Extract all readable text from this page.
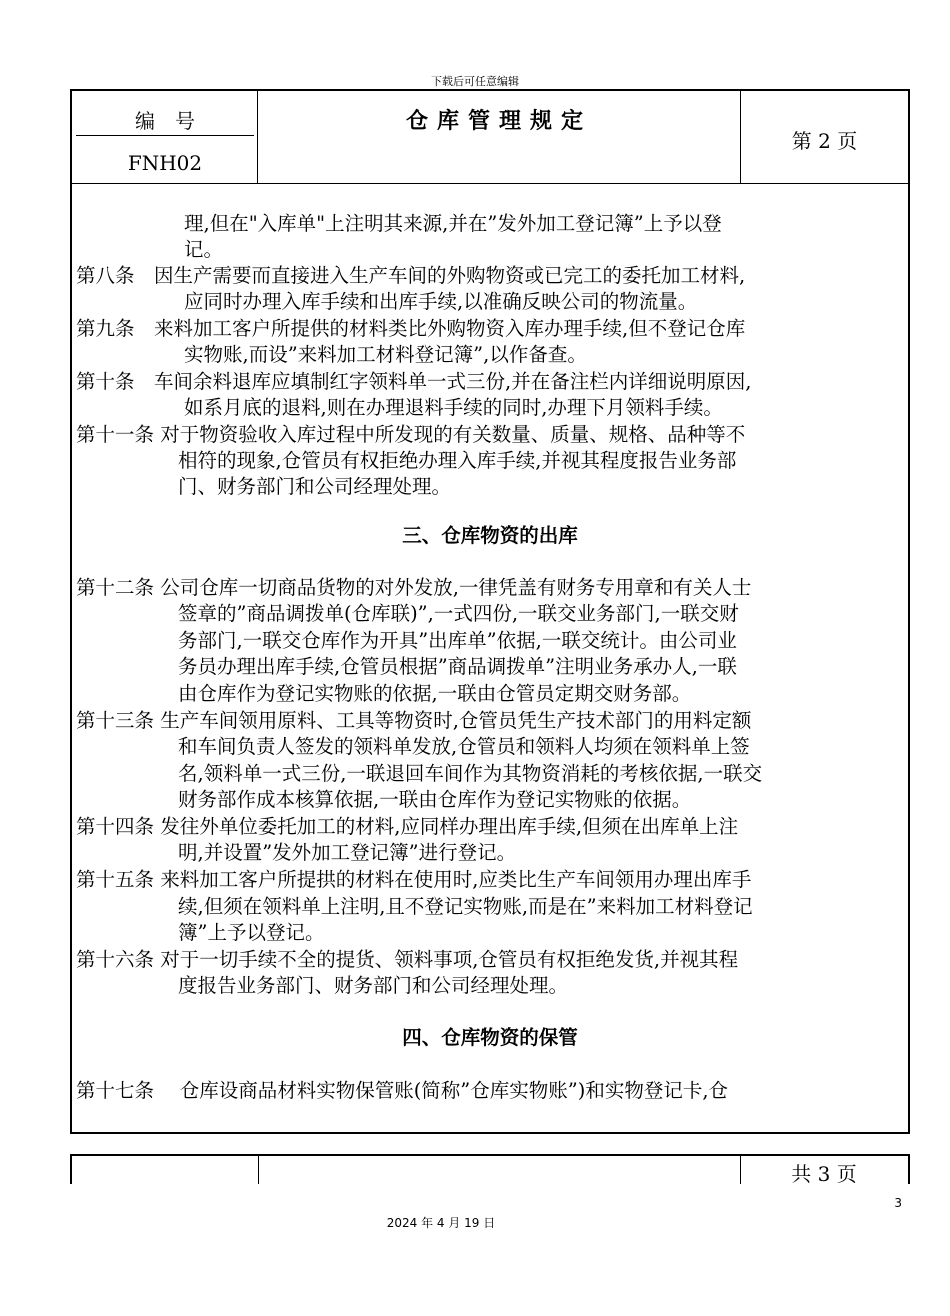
下载后可任意编辑
编号
FNH02
仓库管理规定
第 2 页
理,但在"入库单"上注明其来源,并在”发外加工登记簿”上予以登
记。
第八条　因生产需要而直接进入生产车间的外购物资或已完工的委托加工材料,
应同时办理入库手续和出库手续,以准确反映公司的物流量。
第九条　来料加工客户所提供的材料类比外购物资入库办理手续,但不登记仓库
实物账,而设”来料加工材料登记簿”,以作备查。
第十条　车间余料退库应填制红字领料单一式三份,并在备注栏内详细说明原因,
如系月底的退料,则在办理退料手续的同时,办理下月领料手续。
第十一条 对于物资验收入库过程中所发现的有关数量、质量、规格、品种等不
相符的现象,仓管员有权拒绝办理入库手续,并视其程度报告业务部
门、财务部门和公司经理处理。
三、仓库物资的出库
第十二条 公司仓库一切商品货物的对外发放,一律凭盖有财务专用章和有关人士
签章的”商品调拨单(仓库联)”,一式四份,一联交业务部门,一联交财
务部门,一联交仓库作为开具”出库单”依据,一联交统计。由公司业
务员办理出库手续,仓管员根据”商品调拨单”注明业务承办人,一联
由仓库作为登记实物账的依据,一联由仓管员定期交财务部。
第十三条 生产车间领用原料、工具等物资时,仓管员凭生产技术部门的用料定额
和车间负责人签发的领料单发放,仓管员和领料人均须在领料单上签
名,领料单一式三份,一联退回车间作为其物资消耗的考核依据,一联交
财务部作成本核算依据,一联由仓库作为登记实物账的依据。
第十四条 发往外单位委托加工的材料,应同样办理出库手续,但须在出库单上注
明,并设置”发外加工登记簿”进行登记。
第十五条 来料加工客户所提拱的材料在使用时,应类比生产车间领用办理出库手
续,但须在领料单上注明,且不登记实物账,而是在”来料加工材料登记
簿”上予以登记。
第十六条 对于一切手续不全的提货、领料事项,仓管员有权拒绝发货,并视其程
度报告业务部门、财务部门和公司经理处理。
四、仓库物资的保管
第十七条　 仓库设商品材料实物保管账(简称”仓库实物账”)和实物登记卡,仓
共 3 页
3
2024 年 4 月 19 日
